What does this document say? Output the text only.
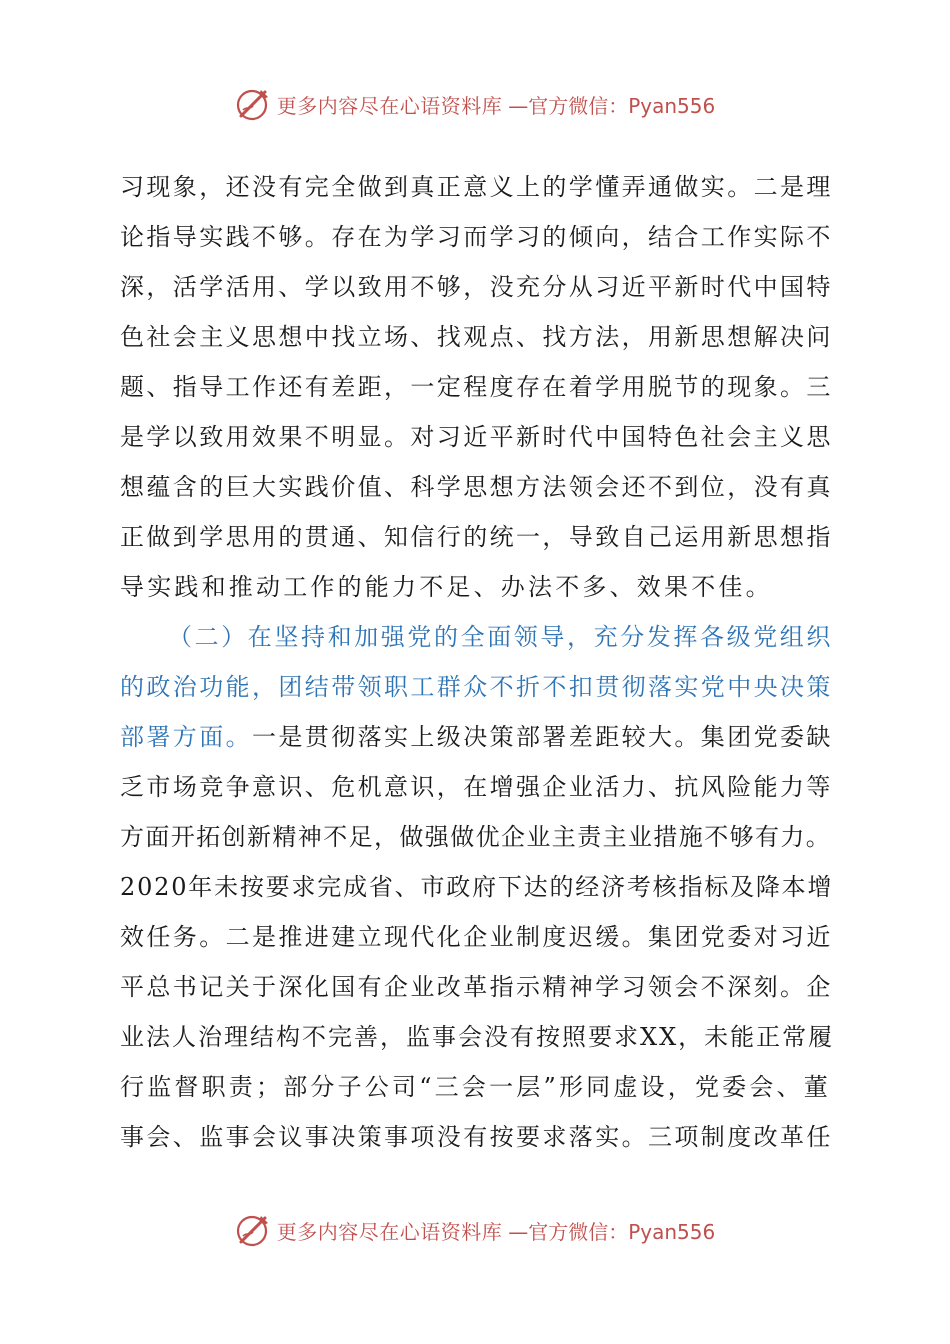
更多内容尽在心语资料库 —官方微信：Pyan556
习现象，还没有完全做到真正意义上的学懂弄通做实。二是理
论指导实践不够。存在为学习而学习的倾向，结合工作实际不
深，活学活用、学以致用不够，没充分从习近平新时代中国特
色社会主义思想中找立场、找观点、找方法，用新思想解决问
题、指导工作还有差距，一定程度存在着学用脱节的现象。三
是学以致用效果不明显。对习近平新时代中国特色社会主义思
想蕴含的巨大实践价值、科学思想方法领会还不到位，没有真
正做到学思用的贯通、知信行的统一，导致自己运用新思想指
导实践和推动工作的能力不足、办法不多、效果不佳。
（二）在坚持和加强党的全面领导，充分发挥各级党组织
的政治功能，团结带领职工群众不折不扣贯彻落实党中央决策
部署方面。一是贯彻落实上级决策部署差距较大。集团党委缺
乏市场竞争意识、危机意识，在增强企业活力、抗风险能力等
方面开拓创新精神不足，做强做优企业主责主业措施不够有力。
2020年未按要求完成省、市政府下达的经济考核指标及降本增
效任务。二是推进建立现代化企业制度迟缓。集团党委对习近
平总书记关于深化国有企业改革指示精神学习领会不深刻。企
业法人治理结构不完善，监事会没有按照要求XX，未能正常履
行监督职责；部分子公司“三会一层”形同虚设，党委会、董
事会、监事会议事决策事项没有按要求落实。三项制度改革任
更多内容尽在心语资料库 —官方微信：Pyan556
